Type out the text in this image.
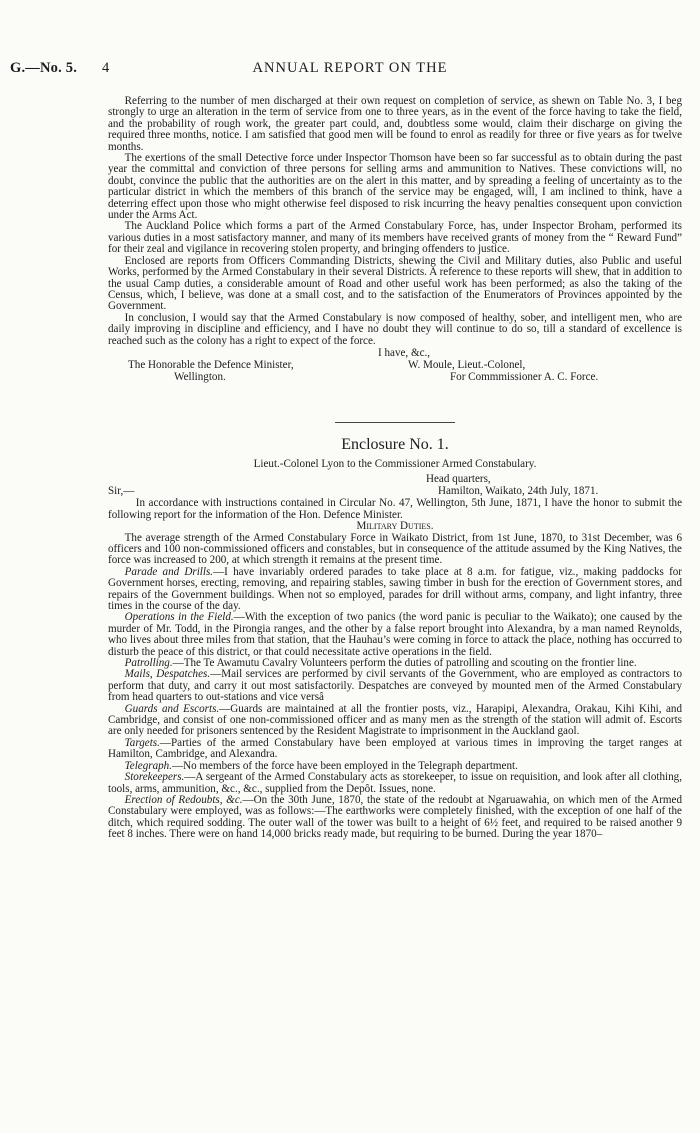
G.—No. 5. 4	ANNUAL REPORT ON THE

Referring to the number of men discharged at their own request on completion of service, as shewn on Table No. 3, I beg strongly to urge an alteration in the term of service from one to three years, as in the event of the force having to take the field, and the probability of rough work, the greater part could, and, doubtless some would, claim their discharge on giving the required three months, notice. I am satisfied that good men will be found to enrol as readily for three or five years as for twelve months.

The exertions of the small Detective force under Inspector Thomson have been so far successful as to obtain during the past year the committal and conviction of three persons for selling arms and ammunition to Natives. These convictions will, no doubt, convince the public that the authorities are on the alert in this matter, and by spreading a feeling of uncertainty as to the particular district in which the members of this branch of the service may be engaged, will, I am inclined to think, have a deterring effect upon those who might otherwise feel disposed to risk incurring the heavy penalties consequent upon conviction under the Arms Act.

The Auckland Police which forms a part of the Armed Constabulary Force, has, under Inspector Broham, performed its various duties in a most satisfactory manner, and many of its members have received grants of money from the “ Reward Fund” for their zeal and vigilance in recovering stolen property, and bringing offenders to justice.

Enclosed are reports from Officers Commanding Districts, shewing the Civil and Military duties, also Public and useful Works, performed by the Armed Constabulary in their several Districts. A reference to these reports will shew, that in addition to the usual Camp duties, a considerable amount of Road and other useful work has been performed; as also the taking of the Census, which, I believe, was done at a small cost, and to the satisfaction of the Enumerators of Provinces appointed by the Government.

In conclusion, I would say that the Armed Constabulary is now composed of healthy, sober, and intelligent men, who are daily improving in discipline and efficiency, and I have no doubt they will continue to do so, till a standard of excellence is reached such as the colony has a right to expect of the force.

I have, &c.,
The Honorable the Defence Minister,	W. Moule, Lieut.-Colonel,
Wellington.	For Commmissioner A. C. Force.
Enclosure No. 1.
Lieut.-Colonel Lyon to the Commissioner Armed Constabulary.
Head quarters,
Sir,—	Hamilton, Waikato, 24th July, 1871.

In accordance with instructions contained in Circular No. 47, Wellington, 5th June, 1871, I have the honor to submit the following report for the information of the Hon. Defence Minister.

Military Duties.

The average strength of the Armed Constabulary Force in Waikato District, from 1st June, 1870, to 31st December, was 6 officers and 100 non-commissioned officers and constables, but in consequence of the attitude assumed by the King Natives, the force was increased to 200, at which strength it remains at the present time.

Parade and Drills.—I have invariably ordered parades to take place at 8 a.m. for fatigue, viz., making paddocks for Government horses, erecting, removing, and repairing stables, sawing timber in bush for the erection of Government stores, and repairs of the Government buildings. When not so employed, parades for drill without arms, company, and light infantry, three times in the course of the day.

Operations in the Field.—With the exception of two panics (the word panic is peculiar to the Waikato); one caused by the murder of Mr. Todd, in the Pirongia ranges, and the other by a false report brought into Alexandra, by a man named Reynolds, who lives about three miles from that station, that the Hauhau’s were coming in force to attack the place, nothing has occurred to disturb the peace of this district, or that could necessitate active operations in the field.

Patrolling.—The Te Awamutu Cavalry Volunteers perform the duties of patrolling and scouting on the frontier line.

Mails, Despatches.—Mail services are performed by civil servants of the Government, who are employed as contractors to perform that duty, and carry it out most satisfactorily. Despatches are conveyed by mounted men of the Armed Constabulary from head quarters to out-stations and vice versâ

Guards and Escorts.—Guards are maintained at all the frontier posts, viz., Harapipi, Alexandra, Orakau, Kihi Kihi, and Cambridge, and consist of one non-commissioned officer and as many men as the strength of the station will admit of. Escorts are only needed for prisoners sentenced by the Resident Magistrate to imprisonment in the Auckland gaol.

Targets.—Parties of the armed Constabulary have been employed at various times in improving the target ranges at Hamilton, Cambridge, and Alexandra.

Telegraph.—No members of the force have been employed in the Telegraph department.

Storekeepers.—A sergeant of the Armed Constabulary acts as storekeeper, to issue on requisition, and look after all clothing, tools, arms, ammunition, &c., &c., supplied from the Depôt. Issues, none.

Erection of Redoubts, &c.—On the 30th June, 1870, the state of the redoubt at Ngaruawahia, on which men of the Armed Constabulary were employed, was as follows:—The earthworks were completely finished, with the exception of one half of the ditch, which required sodding. The outer wall of the tower was built to a height of 6½ feet, and required to be raised another 9 feet 8 inches. There were on hand 14,000 bricks ready made, but requiring to be burned. During the year 1870–
